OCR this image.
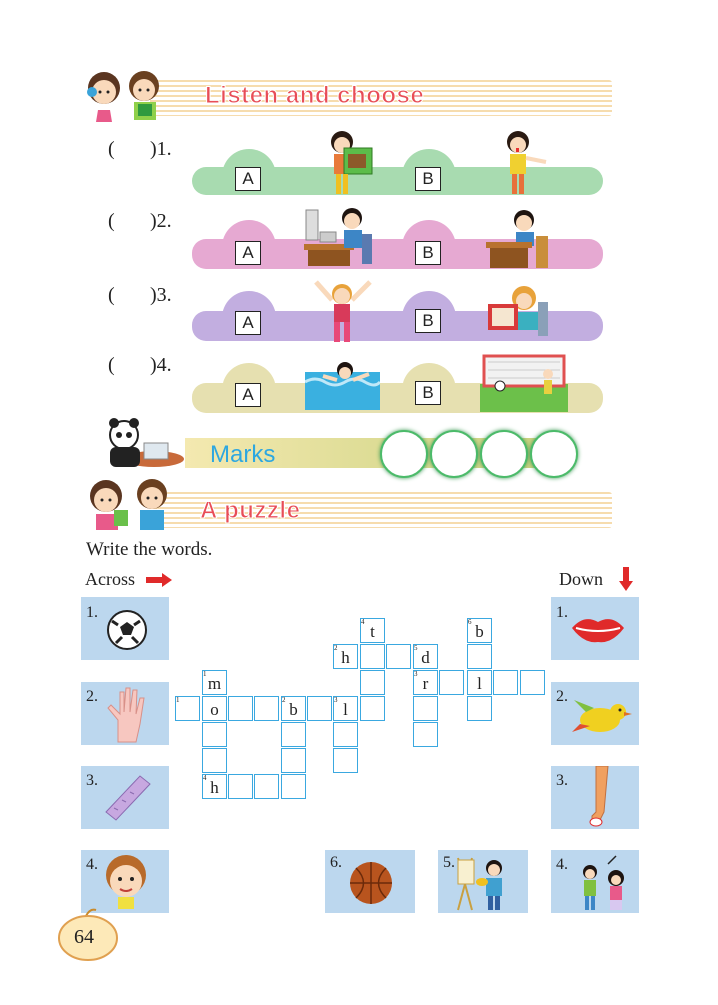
Listen and choose
( )1.
A	B
( )2.
A	B
( )3.
A	B
( )4.
A	B
Marks
A puzzle
Write the words.
Across	Down
1.
2.
3.
4.
1.
2.
3.
4.
6.	5.
t
4	b
6
h
2	d
5
r	l
3
m
1
o	b	l
1	2	3
h
4
64
